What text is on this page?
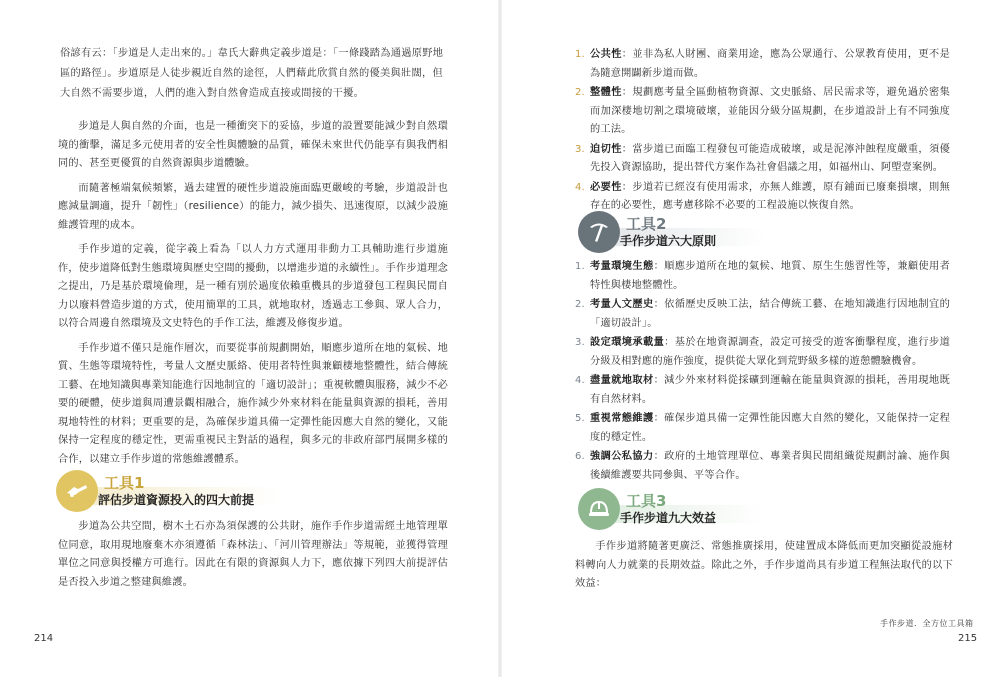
俗諺有云：「步道是人走出來的。」韋氏大辭典定義步道是：「一條踐踏為通過原野地區的路徑」。步道原是人徒步親近自然的途徑，人們藉此欣賞自然的優美與壯闊，但大自然不需要步道，人們的進入對自然會造成直接或間接的干擾。

步道是人與自然的介面，也是一種衝突下的妥協，步道的設置要能減少對自然環境的衝擊，滿足多元使用者的安全性與體驗的品質，確保未來世代仍能享有與我們相同的、甚至更優質的自然資源與步道體驗。

而隨著極端氣候頻繁，過去建置的硬性步道設施面臨更嚴峻的考驗，步道設計也應減量調適，提升「韌性」（resilience）的能力，減少損失、迅速復原，以減少設施維護管理的成本。

手作步道的定義，從字義上看為「以人力方式運用非動力工具輔助進行步道施作，使步道降低對生態環境與歷史空間的擾動，以增進步道的永續性」。手作步道理念之提出，乃是基於環境倫理，是一種有別於過度依賴重機具的步道發包工程與民間自力以廢料營造步道的方式，使用簡單的工具，就地取材，透過志工參與、眾人合力，以符合周邊自然環境及文史特色的手作工法，維護及修復步道。

手作步道不僅只是施作層次，而要從事前規劃開始，順應步道所在地的氣候、地質、生態等環境特性，考量人文歷史脈絡、使用者特性與兼顧棲地整體性，結合傳統工藝、在地知識與專業知能進行因地制宜的「適切設計」；重視軟體與服務，減少不必要的硬體，使步道與周遭景觀相融合，施作減少外來材料在能量與資源的損耗，善用現地特性的材料；更重要的是，為確保步道具備一定彈性能因應大自然的變化，又能保持一定程度的穩定性，更需重視民主對話的過程，與多元的非政府部門展開多樣的合作，以建立手作步道的常態維護體系。

工具1
評估步道資源投入的四大前提

步道為公共空間，樹木土石亦為須保護的公共財，施作手作步道需經土地管理單位同意，取用現地廢棄木亦須遵循「森林法」、「河川管理辦法」等規範，並獲得管理單位之同意與授權方可進行。因此在有限的資源與人力下，應依據下列四大前提評估是否投入步道之整建與維護。

214
1. 公共性：並非為私人財團、商業用途，應為公眾通行、公眾教育使用，更不是為隨意開闢新步道而做。
2. 整體性：規劃應考量全區動植物資源、文史脈絡、居民需求等，避免過於密集而加深棲地切割之環境破壞，並能因分級分區規劃，在步道設計上有不同強度的工法。
3. 迫切性：當步道已面臨工程發包可能造成破壞，或是泥濘沖蝕程度嚴重，須優先投入資源協助，提出替代方案作為社會倡議之用，如福州山、阿塱壹案例。
4. 必要性：步道若已經沒有使用需求，亦無人維護，原有鋪面已廢棄損壞，則無存在的必要性，應考慮移除不必要的工程設施以恢復自然。
工具2
手作步道六大原則
1. 考量環境生態：順應步道所在地的氣候、地質、原生生態習性等，兼顧使用者特性與棲地整體性。
2. 考量人文歷史：依循歷史反映工法，結合傳統工藝、在地知識進行因地制宜的「適切設計」。
3. 設定環境承載量：基於在地資源調查，設定可接受的遊客衝擊程度，進行步道分級及相對應的施作強度，提供從大眾化到荒野級多樣的遊憩體驗機會。
4. 盡量就地取材：減少外來材料從採礦到運輸在能量與資源的損耗，善用現地既有自然材料。
5. 重視常態維護：確保步道具備一定彈性能因應大自然的變化，又能保持一定程度的穩定性。
6. 強調公私協力：政府的土地管理單位、專業者與民間組織從規劃討論、施作與後續維護要共同參與、平等合作。
工具3
手作步道九大效益

手作步道將隨著更廣泛、常態推廣採用，使建置成本降低而更加突顯從設施材料轉向人力就業的長期效益。除此之外，手作步道尚具有步道工程無法取代的以下效益：

手作步道．全方位工具箱
215
